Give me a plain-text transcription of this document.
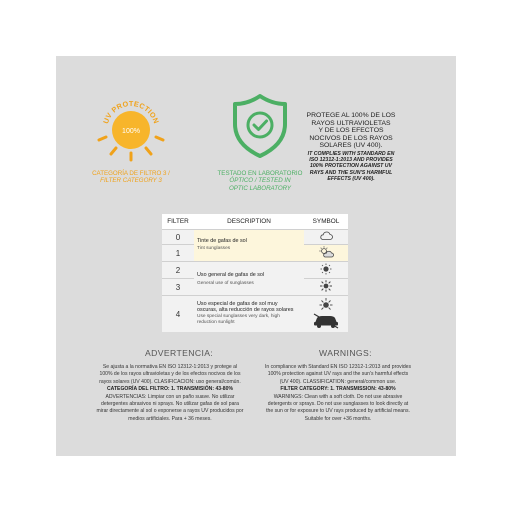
100%
UV PROTECTION
CATEGORÍA DE FILTRO 3 /
FILTER CATEGORY 3
TESTADO EN LABORATORIO
ÓPTICO / TESTED IN
OPTIC LABORATORY
PROTEGE AL 100% DE LOS
RAYOS ULTRAVIOLETAS
Y DE LOS EFECTOS
NOCIVOS DE LOS RAYOS
SOLARES (UV 400).
IT COMPLIES WITH STANDARD EN
ISO 12312-1:2013 AND PROVIDES
100% PROTECTION AGAINST UV
RAYS AND THE SUN'S HARMFUL
EFFECTS (UV 400).
FILTER	DESCRIPTION	SYMBOL
0	Tinte de gafas de sol	
1	Tint sunglasses	
2	Uso general de gafas de sol	
3	General use of sunglasses	
4	Uso especial de gafas de sol muy
oscuras, alta reducción de rayos solares
Use special sunglasses very dark, high
reduction sunlight

ADVERTENCIA:
Se ajusta a la normativa EN ISO 12312-1:2013 y protege al
100% de los rayos ultravioletas y de los efectos nocivos de los
rayos solares (UV 400). CLASIFICACION: uso general/común.
CATEGORÍA DEL FILTRO: 1. TRANSMISIÓN: 43-80%
ADVERTENCIAS: Limpiar con un paño suave. No utilizar
detergentes abrasivos ni sprays. No utilizar gafas de sol para
mirar directamente al sol o exponerse a rayos UV producidos por
medios artificiales. Para + 36 meses.
WARNINGS:
In compliance with Standard EN ISO 12312-1:2013 and provides
100% protection against UV rays and the sun's harmful effects
(UV 400). CLASSIFICATION: general/common use.
FILTER CATEGORY: 1. TRANSMISSION: 43-80%
WARNINGS: Clean with a soft cloth. Do not use abrasive
detergents or sprays. Do not use sunglasses to look directly at
the sun or for exposure to UV rays produced by artificial means.
Suitable for over +36 months.
